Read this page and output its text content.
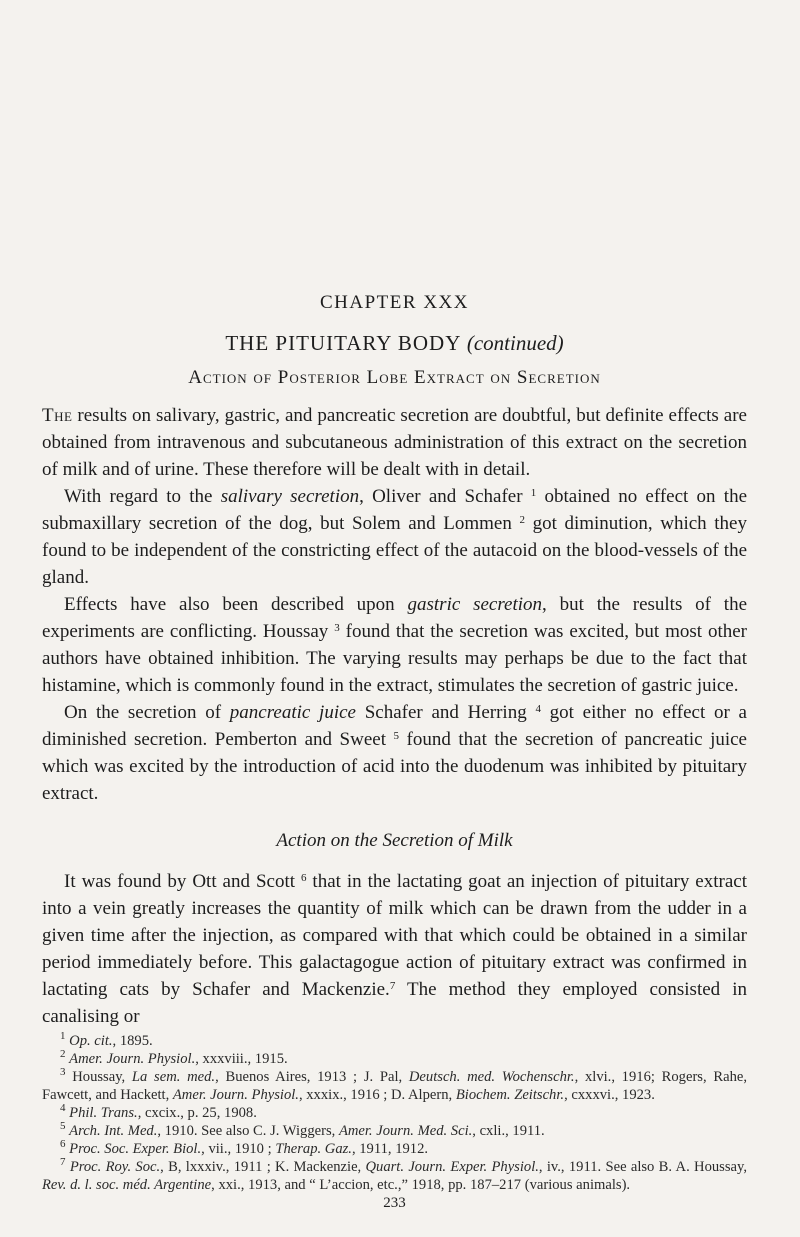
CHAPTER XXX
THE PITUITARY BODY (continued)
Action of Posterior Lobe Extract on Secretion

The results on salivary, gastric, and pancreatic secretion are doubtful, but definite effects are obtained from intravenous and subcutaneous administration of this extract on the secretion of milk and of urine. These therefore will be dealt with in detail.

With regard to the salivary secretion, Oliver and Schafer $^1$ obtained no effect on the submaxillary secretion of the dog, but Solem and Lommen $^2$ got diminution, which they found to be independent of the constricting effect of the autacoid on the blood-vessels of the gland.

Effects have also been described upon gastric secretion, but the results of the experiments are conflicting. Houssay $^3$ found that the secretion was excited, but most other authors have obtained inhibition. The varying results may perhaps be due to the fact that histamine, which is commonly found in the extract, stimulates the secretion of gastric juice.

On the secretion of pancreatic juice Schafer and Herring $^4$ got either no effect or a diminished secretion. Pemberton and Sweet $^5$ found that the secretion of pancreatic juice which was excited by the introduction of acid into the duodenum was inhibited by pituitary extract.

Action on the Secretion of Milk

It was found by Ott and Scott $^6$ that in the lactating goat an injection of pituitary extract into a vein greatly increases the quantity of milk which can be drawn from the udder in a given time after the injection, as compared with that which could be obtained in a similar period immediately before. This galactagogue action of pituitary extract was confirmed in lactating cats by Schafer and Mackenzie.$^7$ The method they employed consisted in canalising or

$^1$ Op. cit., 1895.
$^2$ Amer. Journ. Physiol., xxxviii., 1915.
$^3$ Houssay, La sem. med., Buenos Aires, 1913 ; J. Pal, Deutsch. med. Wochenschr., xlvi., 1916; Rogers, Rahe, Fawcett, and Hackett, Amer. Journ. Physiol., xxxix., 1916 ; D. Alpern, Biochem. Zeitschr., cxxxvi., 1923.
$^4$ Phil. Trans., cxcix., p. 25, 1908.
$^5$ Arch. Int. Med., 1910. See also C. J. Wiggers, Amer. Journ. Med. Sci., cxli., 1911.
$^6$ Proc. Soc. Exper. Biol., vii., 1910 ; Therap. Gaz., 1911, 1912.
$^7$ Proc. Roy. Soc., B, lxxxiv., 1911 ; K. Mackenzie, Quart. Journ. Exper. Physiol., iv., 1911. See also B. A. Houssay, Rev. d. l. soc. méd. Argentine, xxi., 1913, and “ L’accion, etc.,” 1918, pp. 187–217 (various animals).
233
